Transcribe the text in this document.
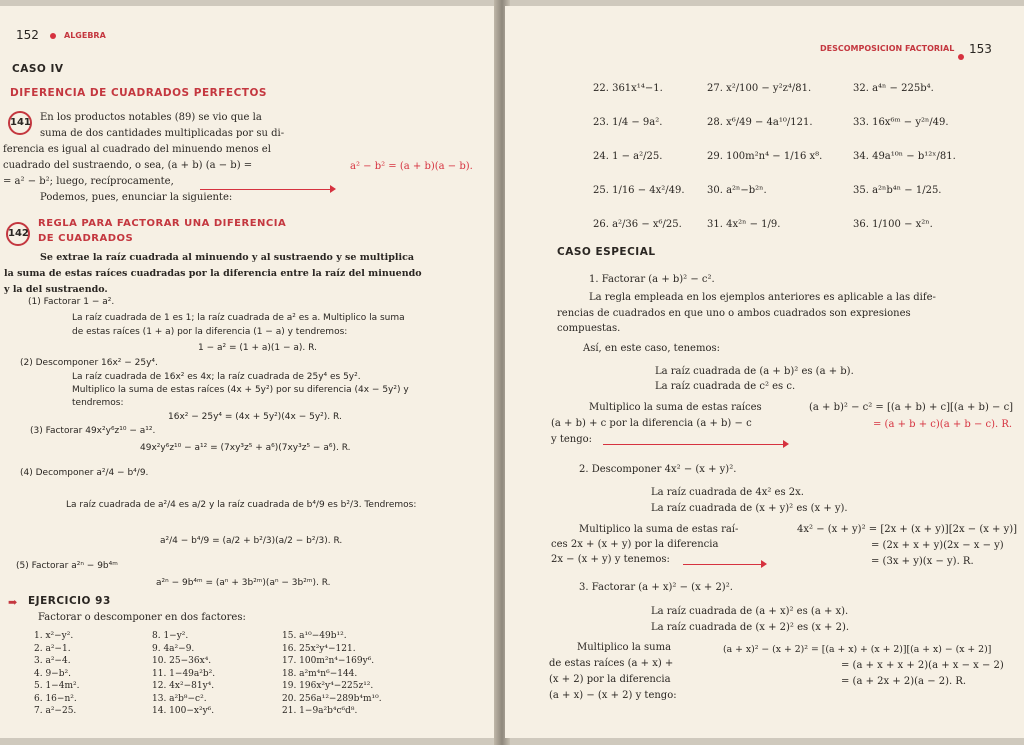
152	ALGEBRA
CASO IV
DIFERENCIA DE CUADRADOS PERFECTOS
141 En los productos notables (89) se vio que la
suma de dos cantidades multiplicadas por su di-
ferencia es igual al cuadrado del minuendo menos el
cuadrado del sustraendo, o sea, (a + b) (a − b) =
= a² − b²; luego, recíprocamente,
Podemos, pues, enunciar la siguiente:
a² − b² = (a + b)(a − b).
142
REGLA PARA FACTORAR UNA DIFERENCIA
DE CUADRADOS
Se extrae la raíz cuadrada al minuendo y al sustraendo y se multiplica
la suma de estas raíces cuadradas por la diferencia entre la raíz del minuendo
y la del sustraendo.
(1) Factorar 1 − a².
La raíz cuadrada de 1 es 1; la raíz cuadrada de a² es a. Multiplico la suma
de estas raíces (1 + a) por la diferencia (1 − a) y tendremos:
1 − a² = (1 + a)(1 − a). R.
(2) Descomponer 16x² − 25y⁴.
La raíz cuadrada de 16x² es 4x; la raíz cuadrada de 25y⁴ es 5y².
Multiplico la suma de estas raíces (4x + 5y²) por su diferencia (4x − 5y²) y
tendremos:
16x² − 25y⁴ = (4x + 5y²)(4x − 5y²). R.
(3) Factorar 49x²y⁶z¹⁰ − a¹².
49x²y⁶z¹⁰ − a¹² = (7xy³z⁵ + a⁶)(7xy³z⁵ − a⁶). R.
(4) Decomponer a²/4 − b⁴/9.
La raíz cuadrada de a²/4 es a/2 y la raíz cuadrada de b⁴/9 es b²/3. Tendremos:
a²/4 − b⁴/9 = (a/2 + b²/3)(a/2 − b²/3). R.
(5) Factorar a²ⁿ − 9b⁴ᵐ
a²ⁿ − 9b⁴ᵐ = (aⁿ + 3b²ᵐ)(aⁿ − 3b²ᵐ). R.
➡ EJERCICIO 93
Factorar o descomponer en dos factores:
1. x²−y².
2. a²−1.
3. a²−4.
4. 9−b².
5. 1−4m².
6. 16−n².
7. a²−25.
8. 1−y².
9. 4a²−9.
10. 25−36x⁴.
11. 1−49a²b².
12. 4x²−81y⁴.
13. a²b⁸−c².
14. 100−x²y⁶.
15. a¹⁰−49b¹².
16. 25x²y⁴−121.
17. 100m²n⁴−169y⁶.
18. a²m⁴n⁶−144.
19. 196x²y⁴−225z¹².
20. 256a¹²−289b⁴m¹⁰.
21. 1−9a²b⁴c⁶d⁸.
DESCOMPOSICION FACTORIAL 153
22. 361x¹⁴−1.
23. 1/4 − 9a².
24. 1 − a²/25.
25. 1/16 − 4x²/49.
26. a²/36 − x⁶/25.
27. x²/100 − y²z⁴/81.
28. x⁶/49 − 4a¹⁰/121.
29. 100m²n⁴ − 1/16 x⁸.
30. a²ⁿ−b²ⁿ.
31. 4x²ⁿ − 1/9.
32. a⁴ⁿ − 225b⁴.
33. 16x⁶ᵐ − y²ⁿ/49.
34. 49a¹⁰ⁿ − b¹²ˣ/81.
35. a²ⁿb⁴ⁿ − 1/25.
36. 1/100 − x²ⁿ.
CASO ESPECIAL
1. Factorar (a + b)² − c².
La regla empleada en los ejemplos anteriores es aplicable a las dife-
rencias de cuadrados en que uno o ambos cuadrados son expresiones
compuestas.
Así, en este caso, tenemos:
La raíz cuadrada de (a + b)² es (a + b).
La raíz cuadrada de c² es c.
Multiplico la suma de estas raíces
(a + b) + c por la diferencia (a + b) − c
y tengo:
(a + b)² − c² = [(a + b) + c][(a + b) − c]
= (a + b + c)(a + b − c). R.
2. Descomponer 4x² − (x + y)².
La raíz cuadrada de 4x² es 2x.
La raíz cuadrada de (x + y)² es (x + y).
Multiplico la suma de estas raí-
ces 2x + (x + y) por la diferencia
2x − (x + y) y tenemos:
4x² − (x + y)² = [2x + (x + y)][2x − (x + y)]
= (2x + x + y)(2x − x − y)
= (3x + y)(x − y). R.
3. Factorar (a + x)² − (x + 2)².
La raíz cuadrada de (a + x)² es (a + x).
La raíz cuadrada de (x + 2)² es (x + 2).
Multiplico la suma
de estas raíces (a + x) +
(x + 2) por la diferencia
(a + x) − (x + 2) y tengo:
(a + x)² − (x + 2)² = [(a + x) + (x + 2)][(a + x) − (x + 2)]
= (a + x + x + 2)(a + x − x − 2)
= (a + 2x + 2)(a − 2). R.
